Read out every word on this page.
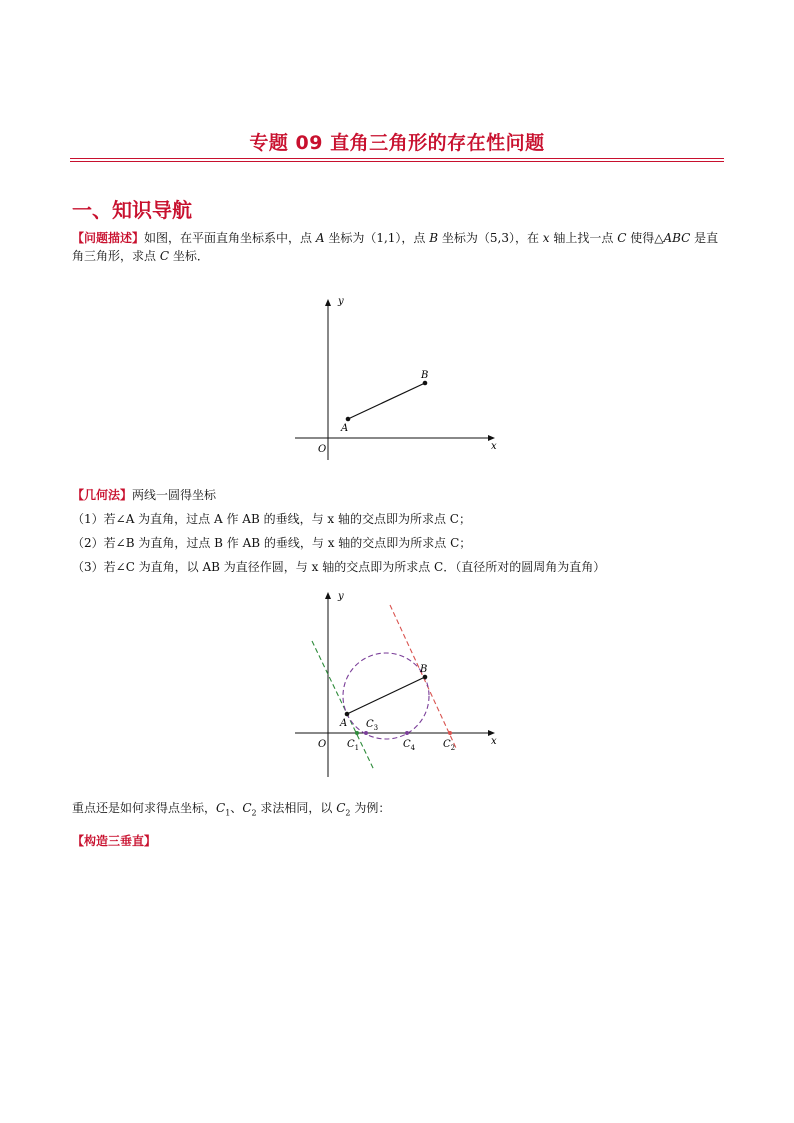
专题 09 直角三角形的存在性问题
一、知识导航
【问题描述】如图，在平面直角坐标系中，点 A 坐标为（1,1），点 B 坐标为（5,3），在 x 轴上找一点 C 使得△ABC 是直角三角形，求点 C 坐标．
y
x
O
A
B
【几何法】两线一圆得坐标
（1）若∠A 为直角，过点 A 作 AB 的垂线，与 x 轴的交点即为所求点 C；
（2）若∠B 为直角，过点 B 作 AB 的垂线，与 x 轴的交点即为所求点 C；
（3）若∠C 为直角，以 AB 为直径作圆，与 x 轴的交点即为所求点 C．（直径所对的圆周角为直角）
y
x
O
A
B
$C_1$
$C_3$
$C_4$	$C_2$
重点还是如何求得点坐标，$C_1$、$C_2$ 求法相同，以 $C_2$ 为例：
【构造三垂直】
